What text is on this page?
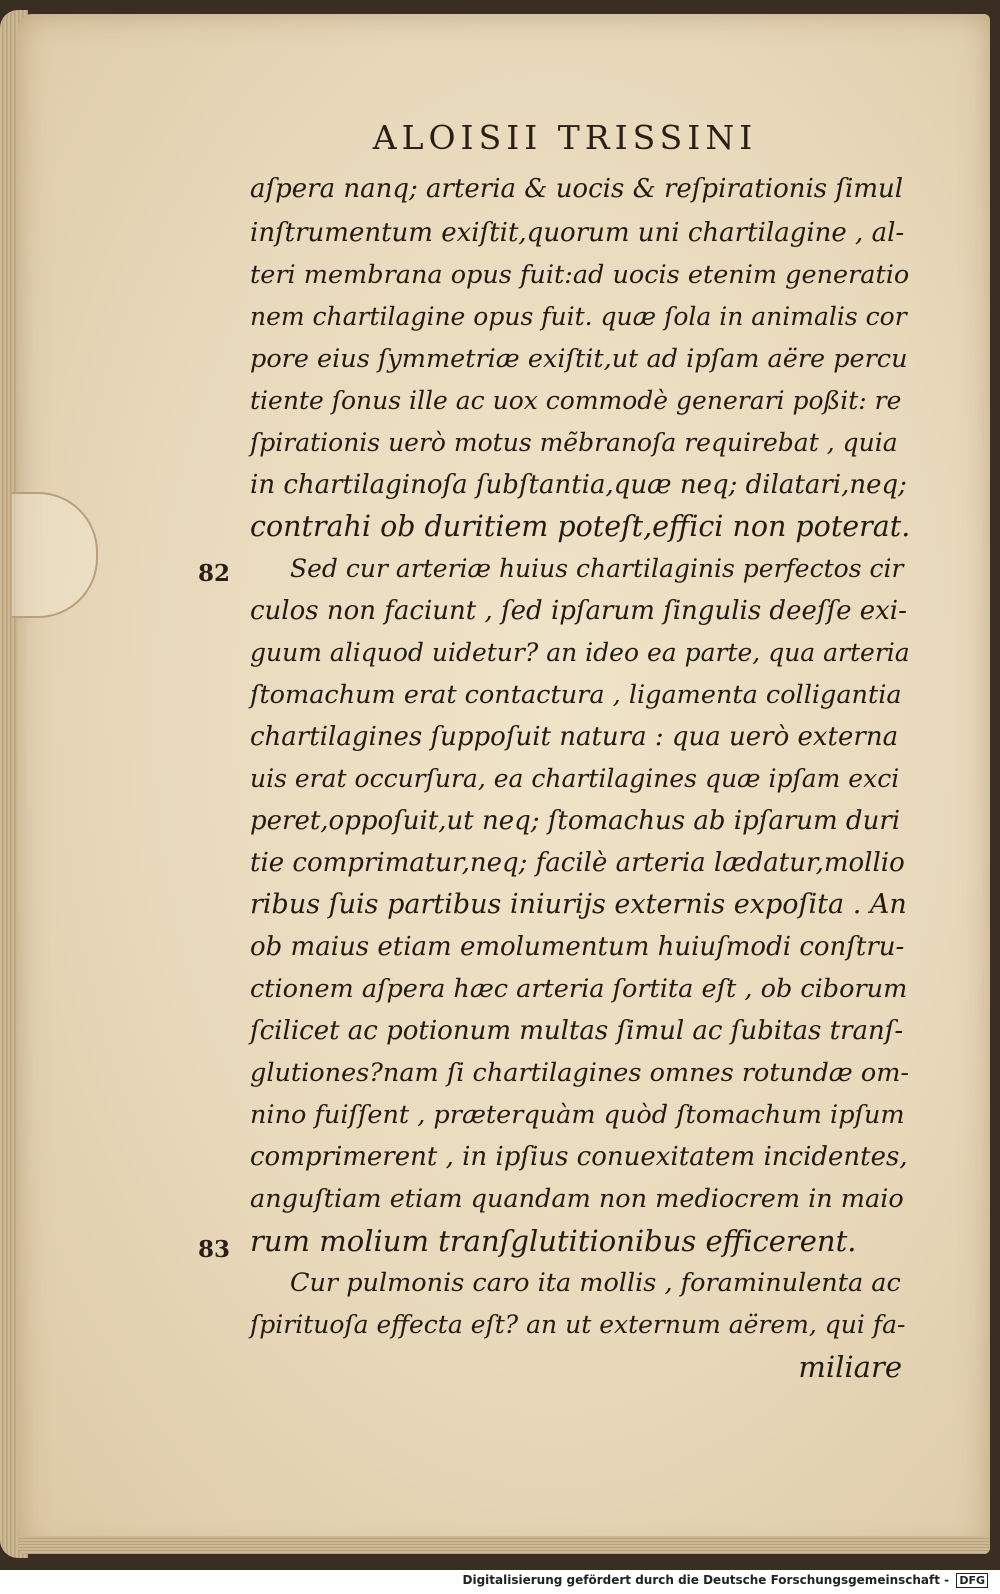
ALOISII TRISSINI
82
83
aſpera nanq; arteria & uocis & reſpirationis ſimul
inſtrumentum exiſtit,quorum uni chartilagine , al-
teri membrana opus fuit:ad uocis etenim generatio
nem chartilagine opus fuit. quæ ſola in animalis cor
pore eius ſymmetriæ exiſtit,ut ad ipſam aëre percu
tiente ſonus ille ac uox commodè generari poßit: re
ſpirationis uerò motus mẽbranoſa requirebat , quia
in chartilaginoſa ſubſtantia,quæ neq; dilatari,neq;
contrahi ob duritiem poteſt,effici non poterat.
Sed cur arteriæ huius chartilaginis perfectos cir
culos non faciunt , ſed ipſarum ſingulis deeſſe exi-
guum aliquod uidetur? an ideo ea parte, qua arteria
ſtomachum erat contactura , ligamenta colligantia
chartilagines ſuppoſuit natura : qua uerò externa
uis erat occurſura, ea chartilagines quæ ipſam exci
peret,oppoſuit,ut neq; ſtomachus ab ipſarum duri
tie comprimatur,neq; facilè arteria lædatur,mollio
ribus ſuis partibus iniurijs externis expoſita . An
ob maius etiam emolumentum huiuſmodi conſtru-
ctionem aſpera hæc arteria ſortita eſt , ob ciborum
ſcilicet ac potionum multas ſimul ac ſubitas tranſ-
glutiones?nam ſi chartilagines omnes rotundæ om-
nino fuiſſent , præterquàm quòd ſtomachum ipſum
comprimerent , in ipſius conuexitatem incidentes,
anguſtiam etiam quandam non mediocrem in maio
rum molium tranſglutitionibus efficerent.
Cur pulmonis caro ita mollis , foraminulenta ac
ſpirituoſa effecta eſt? an ut externum aërem, qui fa-
miliare
Digitalisierung gefördert durch die Deutsche Forschungsgemeinschaft - DFG
